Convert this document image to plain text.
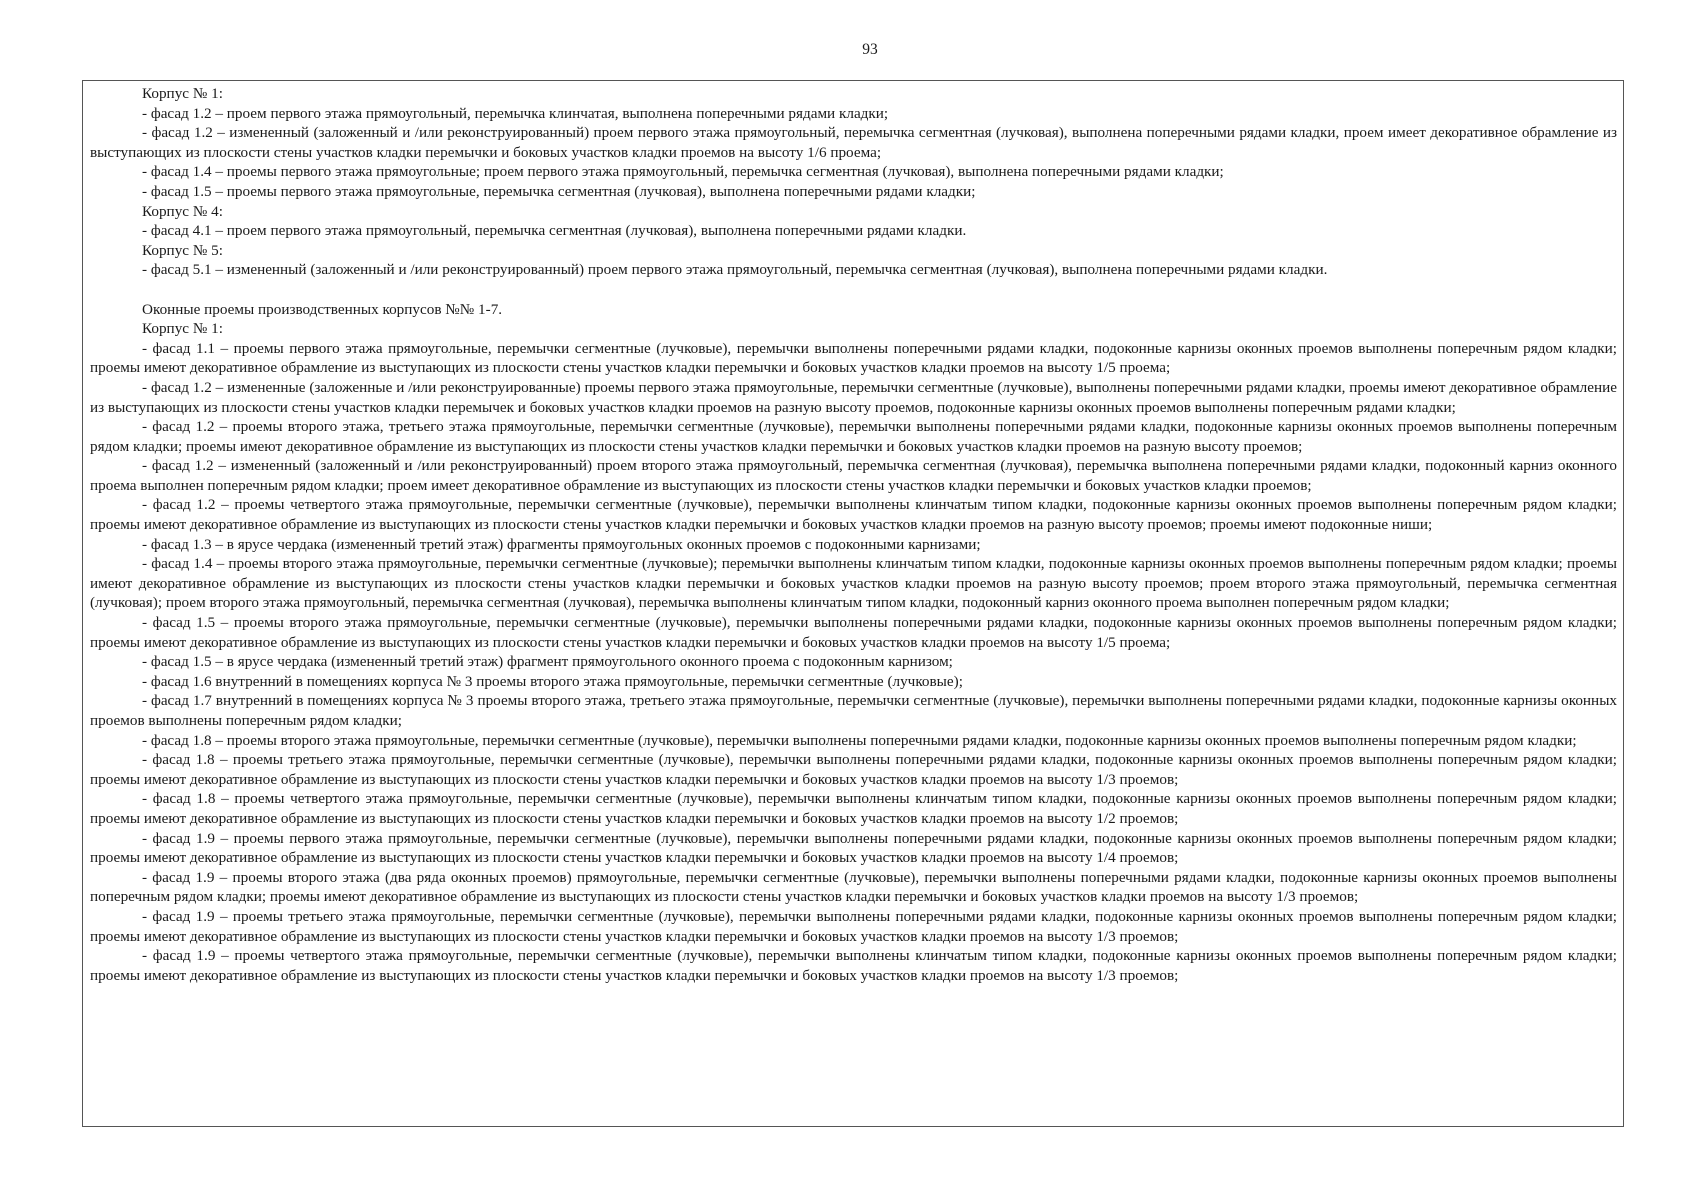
93

Корпус № 1:

- фасад 1.2 – проем первого этажа прямоугольный, перемычка клинчатая, выполнена поперечными рядами кладки;

- фасад 1.2 – измененный (заложенный и /или реконструированный) проем первого этажа прямоугольный, перемычка сегментная (лучковая), выполнена поперечными рядами кладки, проем имеет декоративное обрамление из выступающих из плоскости стены участков кладки перемычки и боковых участков кладки проемов на высоту 1/6 проема;

- фасад 1.4 – проемы первого этажа прямоугольные; проем первого этажа прямоугольный, перемычка сегментная (лучковая), выполнена поперечными рядами кладки;

- фасад 1.5 – проемы первого этажа прямоугольные, перемычка сегментная (лучковая), выполнена поперечными рядами кладки;

Корпус № 4:

- фасад 4.1 – проем первого этажа прямоугольный, перемычка сегментная (лучковая), выполнена поперечными рядами кладки.

Корпус № 5:

- фасад 5.1 – измененный (заложенный и /или реконструированный) проем первого этажа прямоугольный, перемычка сегментная (лучковая), выполнена поперечными рядами кладки.

Оконные проемы производственных корпусов №№ 1-7.

Корпус № 1:

- фасад 1.1 – проемы первого этажа прямоугольные, перемычки сегментные (лучковые), перемычки выполнены поперечными рядами кладки, подоконные карнизы оконных проемов выполнены поперечным рядом кладки; проемы имеют декоративное обрамление из выступающих из плоскости стены участков кладки перемычки и боковых участков кладки проемов на высоту 1/5 проема;

- фасад 1.2 – измененные (заложенные и /или реконструированные) проемы первого этажа прямоугольные, перемычки сегментные (лучковые), выполнены поперечными рядами кладки, проемы имеют декоративное обрамление из выступающих из плоскости стены участков кладки перемычек и боковых участков кладки проемов на разную высоту проемов, подоконные карнизы оконных проемов выполнены поперечным рядами кладки;

- фасад 1.2 – проемы второго этажа, третьего этажа прямоугольные, перемычки сегментные (лучковые), перемычки выполнены поперечными рядами кладки, подоконные карнизы оконных проемов выполнены поперечным рядом кладки; проемы имеют декоративное обрамление из выступающих из плоскости стены участков кладки перемычки и боковых участков кладки проемов на разную высоту проемов;

- фасад 1.2 – измененный (заложенный и /или реконструированный) проем второго этажа прямоугольный, перемычка сегментная (лучковая), перемычка выполнена поперечными рядами кладки, подоконный карниз оконного проема выполнен поперечным рядом кладки; проем имеет декоративное обрамление из выступающих из плоскости стены участков кладки перемычки и боковых участков кладки проемов;

- фасад 1.2 – проемы четвертого этажа прямоугольные, перемычки сегментные (лучковые), перемычки выполнены клинчатым типом кладки, подоконные карнизы оконных проемов выполнены поперечным рядом кладки; проемы имеют декоративное обрамление из выступающих из плоскости стены участков кладки перемычки и боковых участков кладки проемов на разную высоту проемов; проемы имеют подоконные ниши;

- фасад 1.3 – в ярусе чердака (измененный третий этаж) фрагменты прямоугольных оконных проемов с подоконными карнизами;

- фасад 1.4 – проемы второго этажа прямоугольные, перемычки сегментные (лучковые); перемычки выполнены клинчатым типом кладки, подоконные карнизы оконных проемов выполнены поперечным рядом кладки; проемы имеют декоративное обрамление из выступающих из плоскости стены участков кладки перемычки и боковых участков кладки проемов на разную высоту проемов; проем второго этажа прямоугольный, перемычка сегментная (лучковая); проем второго этажа прямоугольный, перемычка сегментная (лучковая), перемычка выполнены клинчатым типом кладки, подоконный карниз оконного проема выполнен поперечным рядом кладки;

- фасад 1.5 – проемы второго этажа прямоугольные, перемычки сегментные (лучковые), перемычки выполнены поперечными рядами кладки, подоконные карнизы оконных проемов выполнены поперечным рядом кладки; проемы имеют декоративное обрамление из выступающих из плоскости стены участков кладки перемычки и боковых участков кладки проемов на высоту 1/5 проема;

- фасад 1.5 – в ярусе чердака (измененный третий этаж) фрагмент прямоугольного оконного проема с подоконным карнизом;

- фасад 1.6 внутренний в помещениях корпуса № 3 проемы второго этажа прямоугольные, перемычки сегментные (лучковые);

- фасад 1.7 внутренний в помещениях корпуса № 3 проемы второго этажа, третьего этажа прямоугольные, перемычки сегментные (лучковые), перемычки выполнены поперечными рядами кладки, подоконные карнизы оконных проемов выполнены поперечным рядом кладки;

- фасад 1.8 – проемы второго этажа прямоугольные, перемычки сегментные (лучковые), перемычки выполнены поперечными рядами кладки, подоконные карнизы оконных проемов выполнены поперечным рядом кладки;

- фасад 1.8 – проемы третьего этажа прямоугольные, перемычки сегментные (лучковые), перемычки выполнены поперечными рядами кладки, подоконные карнизы оконных проемов выполнены поперечным рядом кладки; проемы имеют декоративное обрамление из выступающих из плоскости стены участков кладки перемычки и боковых участков кладки проемов на высоту 1/3 проемов;

- фасад 1.8 – проемы четвертого этажа прямоугольные, перемычки сегментные (лучковые), перемычки выполнены клинчатым типом кладки, подоконные карнизы оконных проемов выполнены поперечным рядом кладки; проемы имеют декоративное обрамление из выступающих из плоскости стены участков кладки перемычки и боковых участков кладки проемов на высоту 1/2 проемов;

- фасад 1.9 – проемы первого этажа прямоугольные, перемычки сегментные (лучковые), перемычки выполнены поперечными рядами кладки, подоконные карнизы оконных проемов выполнены поперечным рядом кладки; проемы имеют декоративное обрамление из выступающих из плоскости стены участков кладки перемычки и боковых участков кладки проемов на высоту 1/4 проемов;

- фасад 1.9 – проемы второго этажа (два ряда оконных проемов) прямоугольные, перемычки сегментные (лучковые), перемычки выполнены поперечными рядами кладки, подоконные карнизы оконных проемов выполнены поперечным рядом кладки; проемы имеют декоративное обрамление из выступающих из плоскости стены участков кладки перемычки и боковых участков кладки проемов на высоту 1/3 проемов;

- фасад 1.9 – проемы третьего этажа прямоугольные, перемычки сегментные (лучковые), перемычки выполнены поперечными рядами кладки, подоконные карнизы оконных проемов выполнены поперечным рядом кладки; проемы имеют декоративное обрамление из выступающих из плоскости стены участков кладки перемычки и боковых участков кладки проемов на высоту 1/3 проемов;

- фасад 1.9 – проемы четвертого этажа прямоугольные, перемычки сегментные (лучковые), перемычки выполнены клинчатым типом кладки, подоконные карнизы оконных проемов выполнены поперечным рядом кладки; проемы имеют декоративное обрамление из выступающих из плоскости стены участков кладки перемычки и боковых участков кладки проемов на высоту 1/3 проемов;
